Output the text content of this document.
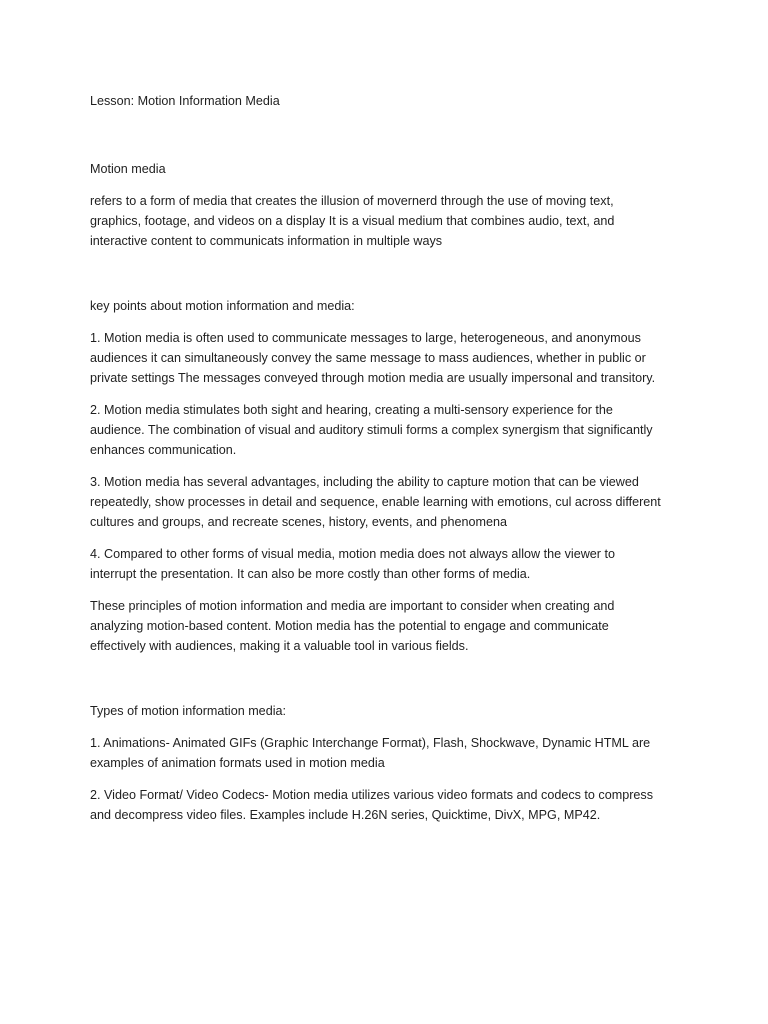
Lesson: Motion Information Media

Motion media

refers to a form of media that creates the illusion of movernerd through the use of moving text,
graphics, footage, and videos on a display It is a visual medium that combines audio, text, and
interactive content to communicats information in multiple ways

key points about motion information and media:

1. Motion media is often used to communicate messages to large, heterogeneous, and anonymous
audiences it can simultaneously convey the same message to mass audiences, whether in public or
private settings The messages conveyed through motion media are usually impersonal and transitory.

2. Motion media stimulates both sight and hearing, creating a multi-sensory experience for the
audience. The combination of visual and auditory stimuli forms a complex synergism that significantly
enhances communication.

3. Motion media has several advantages, including the ability to capture motion that can be viewed
repeatedly, show processes in detail and sequence, enable learning with emotions, cul across different
cultures and groups, and recreate scenes, history, events, and phenomena

4. Compared to other forms of visual media, motion media does not always allow the viewer to
interrupt the presentation. It can also be more costly than other forms of media.

These principles of motion information and media are important to consider when creating and
analyzing motion-based content. Motion media has the potential to engage and communicate
effectively with audiences, making it a valuable tool in various fields.

Types of motion information media:

1. Animations- Animated GIFs (Graphic Interchange Format), Flash, Shockwave, Dynamic HTML are
examples of animation formats used in motion media

2. Video Format/ Video Codecs- Motion media utilizes various video formats and codecs to compress
and decompress video files. Examples include H.26N series, Quicktime, DivX, MPG, MP42.
